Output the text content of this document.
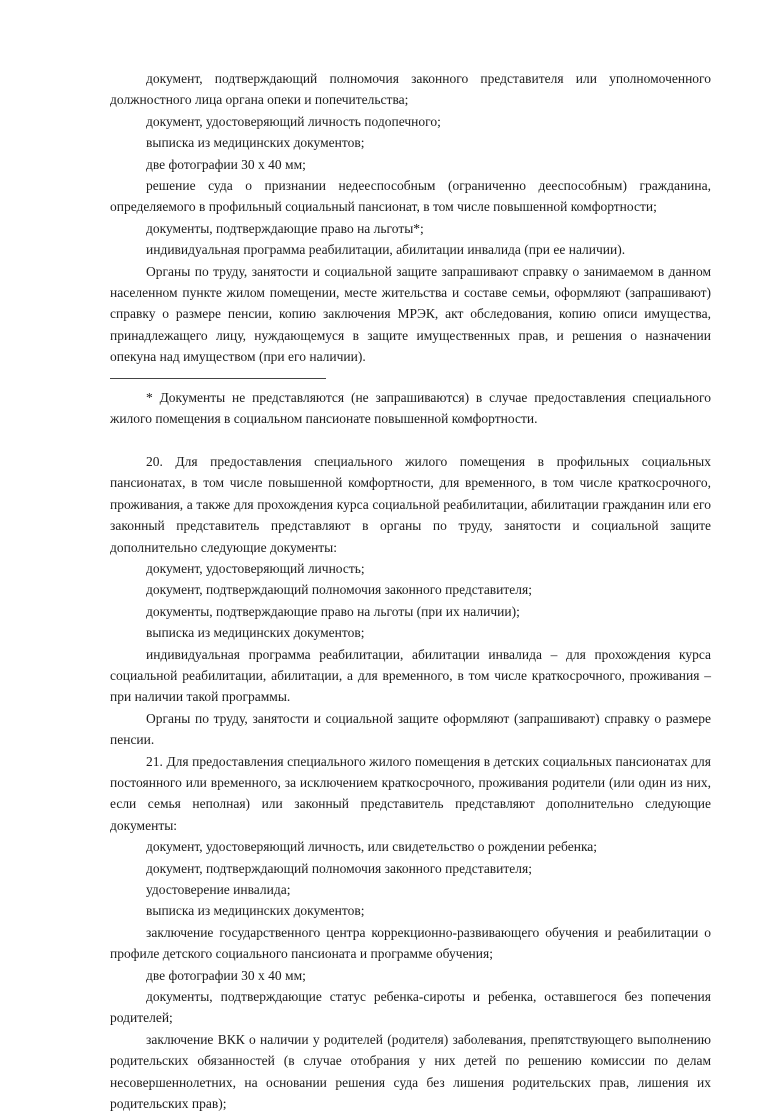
документ, подтверждающий полномочия законного представителя или уполномоченного должностного лица органа опеки и попечительства;

документ, удостоверяющий личность подопечного;

выписка из медицинских документов;

две фотографии 30 х 40 мм;

решение суда о признании недееспособным (ограниченно дееспособным) гражданина, определяемого в профильный социальный пансионат, в том числе повышенной комфортности;

документы, подтверждающие право на льготы*;

индивидуальная программа реабилитации, абилитации инвалида (при ее наличии).

Органы по труду, занятости и социальной защите запрашивают справку о занимаемом в данном населенном пункте жилом помещении, месте жительства и составе семьи, оформляют (запрашивают) справку о размере пенсии, копию заключения МРЭК, акт обследования, копию описи имущества, принадлежащего лицу, нуждающемуся в защите имущественных прав, и решения о назначении опекуна над имуществом (при его наличии).

* Документы не представляются (не запрашиваются) в случае предоставления специального жилого помещения в социальном пансионате повышенной комфортности.

20. Для предоставления специального жилого помещения в профильных социальных пансионатах, в том числе повышенной комфортности, для временного, в том числе краткосрочного, проживания, а также для прохождения курса социальной реабилитации, абилитации гражданин или его законный представитель представляют в органы по труду, занятости и социальной защите дополнительно следующие документы:

документ, удостоверяющий личность;

документ, подтверждающий полномочия законного представителя;

документы, подтверждающие право на льготы (при их наличии);

выписка из медицинских документов;

индивидуальная программа реабилитации, абилитации инвалида – для прохождения курса социальной реабилитации, абилитации, а для временного, в том числе краткосрочного, проживания – при наличии такой программы.

Органы по труду, занятости и социальной защите оформляют (запрашивают) справку о размере пенсии.

21. Для предоставления специального жилого помещения в детских социальных пансионатах для постоянного или временного, за исключением краткосрочного, проживания родители (или один из них, если семья неполная) или законный представитель представляют дополнительно следующие документы:

документ, удостоверяющий личность, или свидетельство о рождении ребенка;

документ, подтверждающий полномочия законного представителя;

удостоверение инвалида;

выписка из медицинских документов;

заключение государственного центра коррекционно-развивающего обучения и реабилитации о профиле детского социального пансионата и программе обучения;

две фотографии 30 х 40 мм;

документы, подтверждающие статус ребенка-сироты и ребенка, оставшегося без попечения родителей;

заключение ВКК о наличии у родителей (родителя) заболевания, препятствующего выполнению родительских обязанностей (в случае отобрания у них детей по решению комиссии по делам несовершеннолетних, на основании решения суда без лишения родительских прав, лишения их родительских прав);
